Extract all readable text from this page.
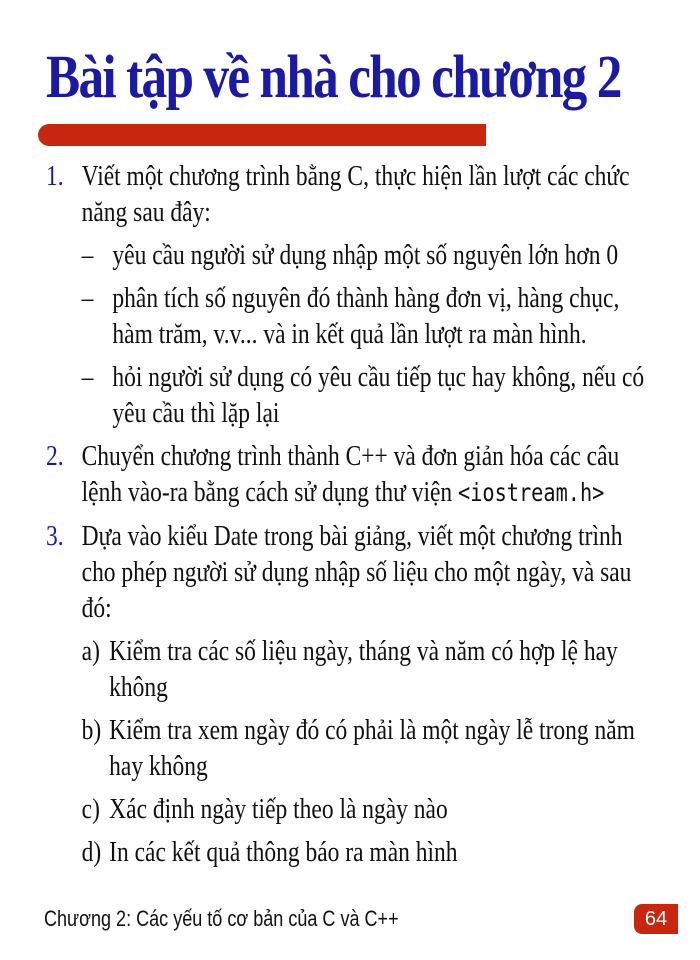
Bài tập về nhà cho chương 2
1. Viết một chương trình bằng C, thực hiện lần lượt các chức năng sau đây:
– yêu cầu người sử dụng nhập một số nguyên lớn hơn 0
– phân tích số nguyên đó thành hàng đơn vị, hàng chục, hàm trăm, v.v... và in kết quả lần lượt ra màn hình.
– hỏi người sử dụng có yêu cầu tiếp tục hay không, nếu có yêu cầu thì lặp lại
2. Chuyển chương trình thành C++ và đơn giản hóa các câu lệnh vào-ra bằng cách sử dụng thư viện <iostream.h>
3. Dựa vào kiểu Date trong bài giảng, viết một chương trình cho phép người sử dụng nhập số liệu cho một ngày, và sau đó:
a) Kiểm tra các số liệu ngày, tháng và năm có hợp lệ hay không
b) Kiểm tra xem ngày đó có phải là một ngày lễ trong năm hay không
c) Xác định ngày tiếp theo là ngày nào
d) In các kết quả thông báo ra màn hình

Chương 2: Các yếu tố cơ bản của C và C++	64
